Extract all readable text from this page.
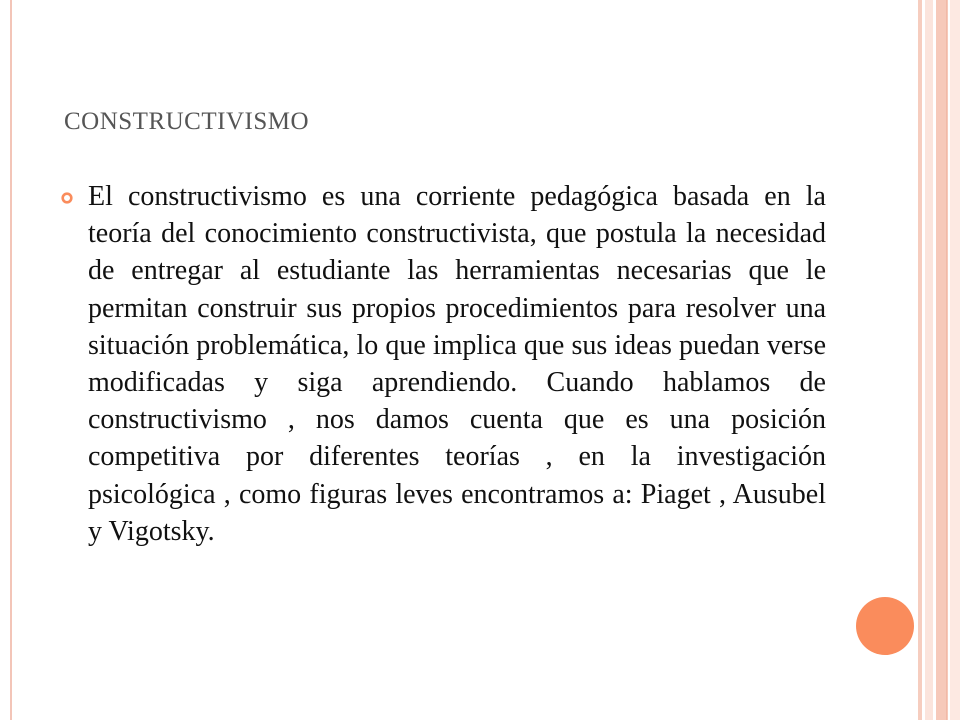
CONSTRUCTIVISMO

El constructivismo es una corriente pedagógica basada en la teoría del conocimiento constructivista, que postula la necesidad de entregar al estudiante las herramientas necesarias que le permitan construir sus propios procedimientos para resolver una situación problemática, lo que implica que sus ideas puedan verse modificadas y siga aprendiendo. Cuando hablamos de constructivismo , nos damos cuenta que es una posición competitiva por diferentes teorías , en la investigación psicológica , como figuras leves encontramos a: Piaget , Ausubel y Vigotsky.
